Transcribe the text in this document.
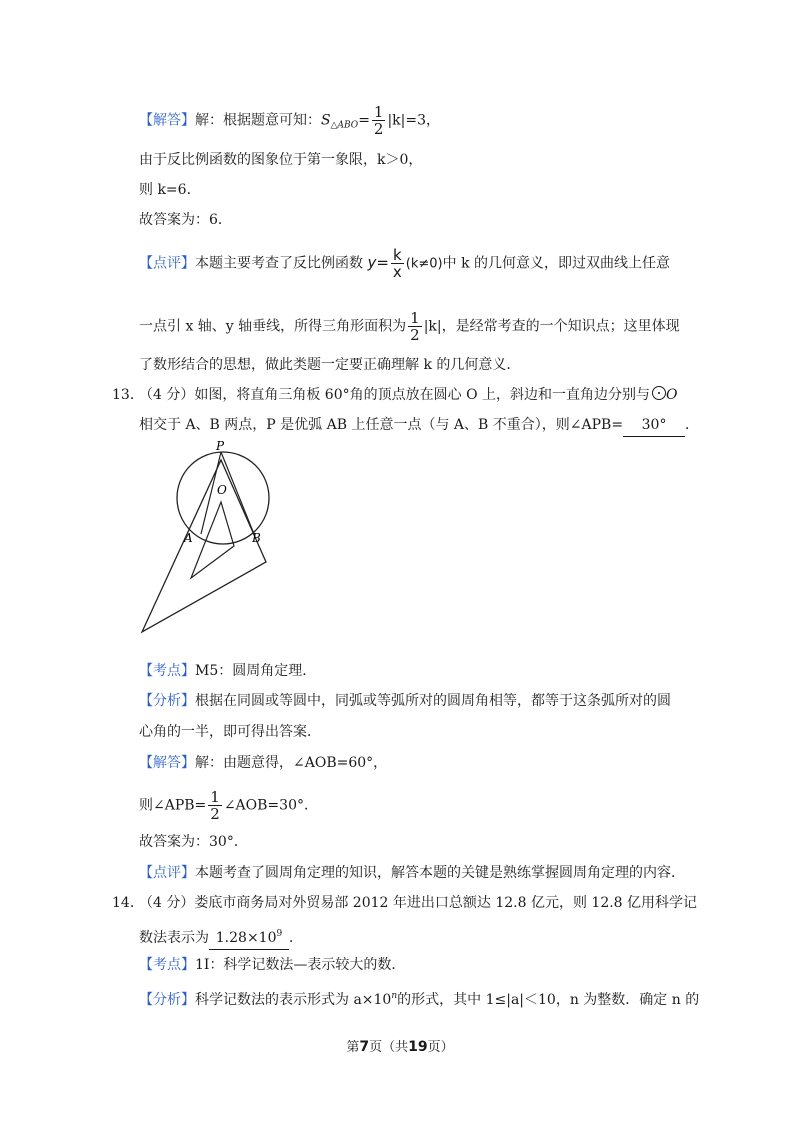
【解答】解：根据题意可知：$S_{\triangle ABO}= \frac{1}{2} |k|=3$，
由于反比例函数的图象位于第一象限，k＞0，
则 k=6．
故答案为：6．
【点评】本题主要考查了反比例函数 $y= \frac{k}{x} (k\ne 0)$中 k 的几何意义，即过双曲线上任意
一点引 x 轴、y 轴垂线，所得三角形面积为 $\frac{1}{2} |k|$，是经常考查的一个知识点；这里体现
了数形结合的思想，做此类题一定要正确理解 k 的几何意义．
13．
（4 分）如图，将直角三角板 60°角的顶点放在圆心 O 上，斜边和一直角边分别与 O
相交于 A、B 两点，P 是优弧 AB 上任意一点（与 A、B 不重合），则∠APB= 30° ．
P
O
A	B
【考点】M5：圆周角定理．
【分析】根据在同圆或等圆中，同弧或等弧所对的圆周角相等，都等于这条弧所对的圆
心角的一半，即可得出答案．
【解答】解：由题意得，∠AOB=60°，
则∠APB= $\frac{1}{2}$ ∠AOB=30°．
故答案为：30°．
【点评】本题考查了圆周角定理的知识，解答本题的关键是熟练掌握圆周角定理的内容．
14．
（4 分）娄底市商务局对外贸易部 2012 年进出口总额达 12.8 亿元，则 12.8 亿用科学记
数法表示为 $1.28\times 10^9$ ．
【考点】1I：科学记数法—表示较大的数．
【分析】科学记数法的表示形式为 $a\times 10^n$的形式，其中 1≤|a|＜10，n 为整数．确定 n 的
第7页（共19页）
